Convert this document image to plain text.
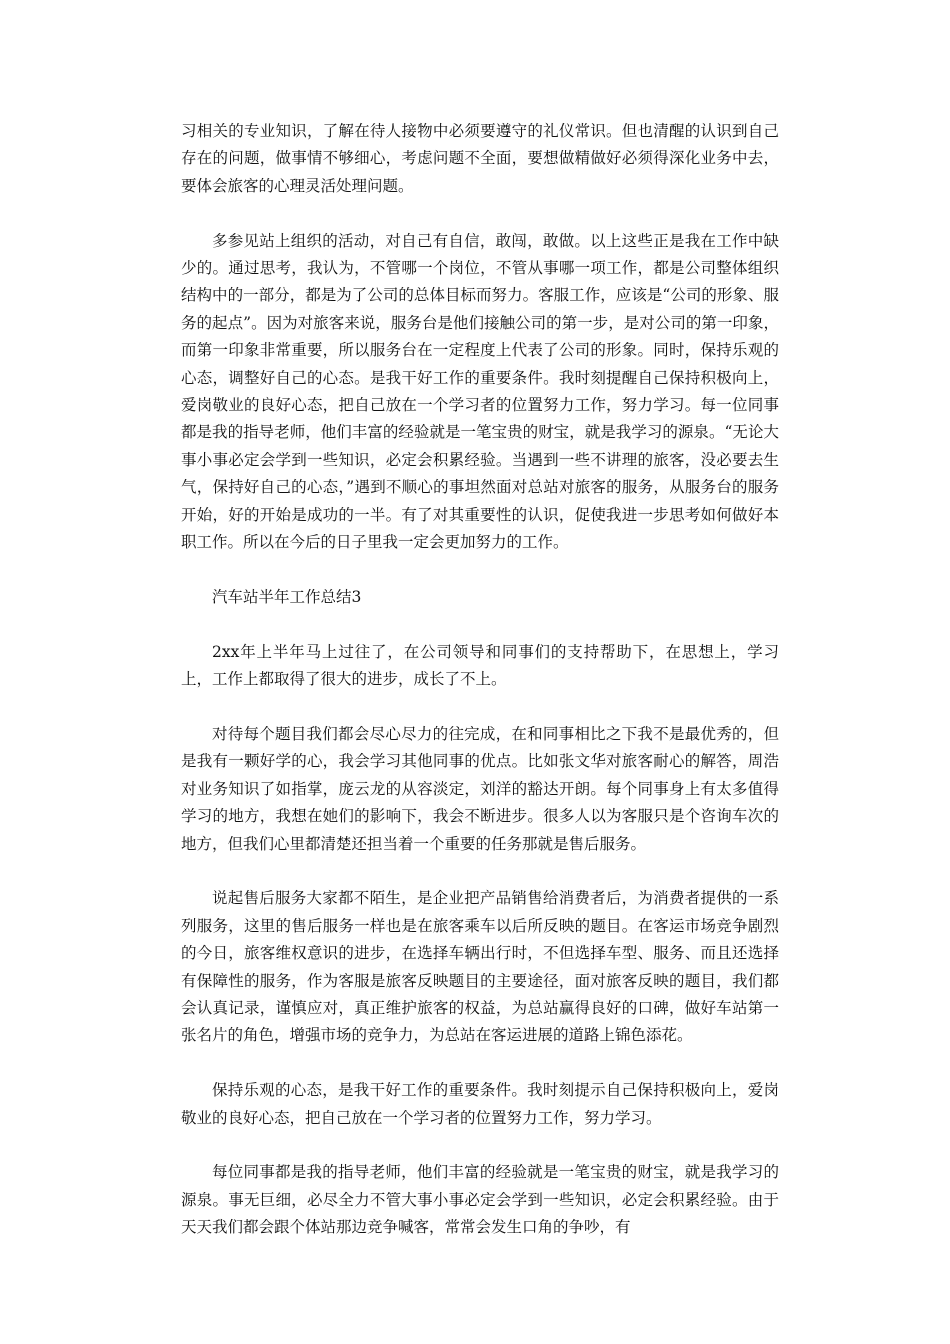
习相关的专业知识，了解在待人接物中必须要遵守的礼仪常识。但也清醒的认识到自己存在的问题，做事情不够细心，考虑问题不全面，要想做精做好必须得深化业务中去，要体会旅客的心理灵活处理问题。

多参见站上组织的活动，对自己有自信，敢闯，敢做。以上这些正是我在工作中缺少的。通过思考，我认为，不管哪一个岗位，不管从事哪一项工作，都是公司整体组织结构中的一部分，都是为了公司的总体目标而努力。客服工作，应该是“公司的形象、服务的起点”。因为对旅客来说，服务台是他们接触公司的第一步，是对公司的第一印象，而第一印象非常重要，所以服务台在一定程度上代表了公司的形象。同时，保持乐观的心态，调整好自己的心态。是我干好工作的重要条件。我时刻提醒自己保持积极向上，爱岗敬业的良好心态，把自己放在一个学习者的位置努力工作，努力学习。每一位同事都是我的指导老师，他们丰富的经验就是一笔宝贵的财宝，就是我学习的源泉。“无论大事小事必定会学到一些知识，必定会积累经验。当遇到一些不讲理的旅客，没必要去生气，保持好自己的心态，”遇到不顺心的事坦然面对总站对旅客的服务，从服务台的服务开始，好的开始是成功的一半。有了对其重要性的认识，促使我进一步思考如何做好本职工作。所以在今后的日子里我一定会更加努力的工作。

汽车站半年工作总结3

2xx年上半年马上过往了，在公司领导和同事们的支持帮助下，在思想上，学习上，工作上都取得了很大的进步，成长了不上。

对待每个题目我们都会尽心尽力的往完成，在和同事相比之下我不是最优秀的，但是我有一颗好学的心，我会学习其他同事的优点。比如张文华对旅客耐心的解答，周浩对业务知识了如指掌，庞云龙的从容淡定，刘洋的豁达开朗。每个同事身上有太多值得学习的地方，我想在她们的影响下，我会不断进步。很多人以为客服只是个咨询车次的地方，但我们心里都清楚还担当着一个重要的任务那就是售后服务。

说起售后服务大家都不陌生，是企业把产品销售给消费者后，为消费者提供的一系列服务，这里的售后服务一样也是在旅客乘车以后所反映的题目。在客运市场竞争剧烈的今日，旅客维权意识的进步，在选择车辆出行时，不但选择车型、服务、而且还选择有保障性的服务，作为客服是旅客反映题目的主要途径，面对旅客反映的题目，我们都会认真记录，谨慎应对，真正维护旅客的权益，为总站赢得良好的口碑，做好车站第一张名片的角色，增强市场的竞争力，为总站在客运进展的道路上锦色添花。

保持乐观的心态，是我干好工作的重要条件。我时刻提示自己保持积极向上，爱岗敬业的良好心态，把自己放在一个学习者的位置努力工作，努力学习。

每位同事都是我的指导老师，他们丰富的经验就是一笔宝贵的财宝，就是我学习的源泉。事无巨细，必尽全力不管大事小事必定会学到一些知识，必定会积累经验。由于天天我们都会跟个体站那边竞争喊客，常常会发生口角的争吵，有
